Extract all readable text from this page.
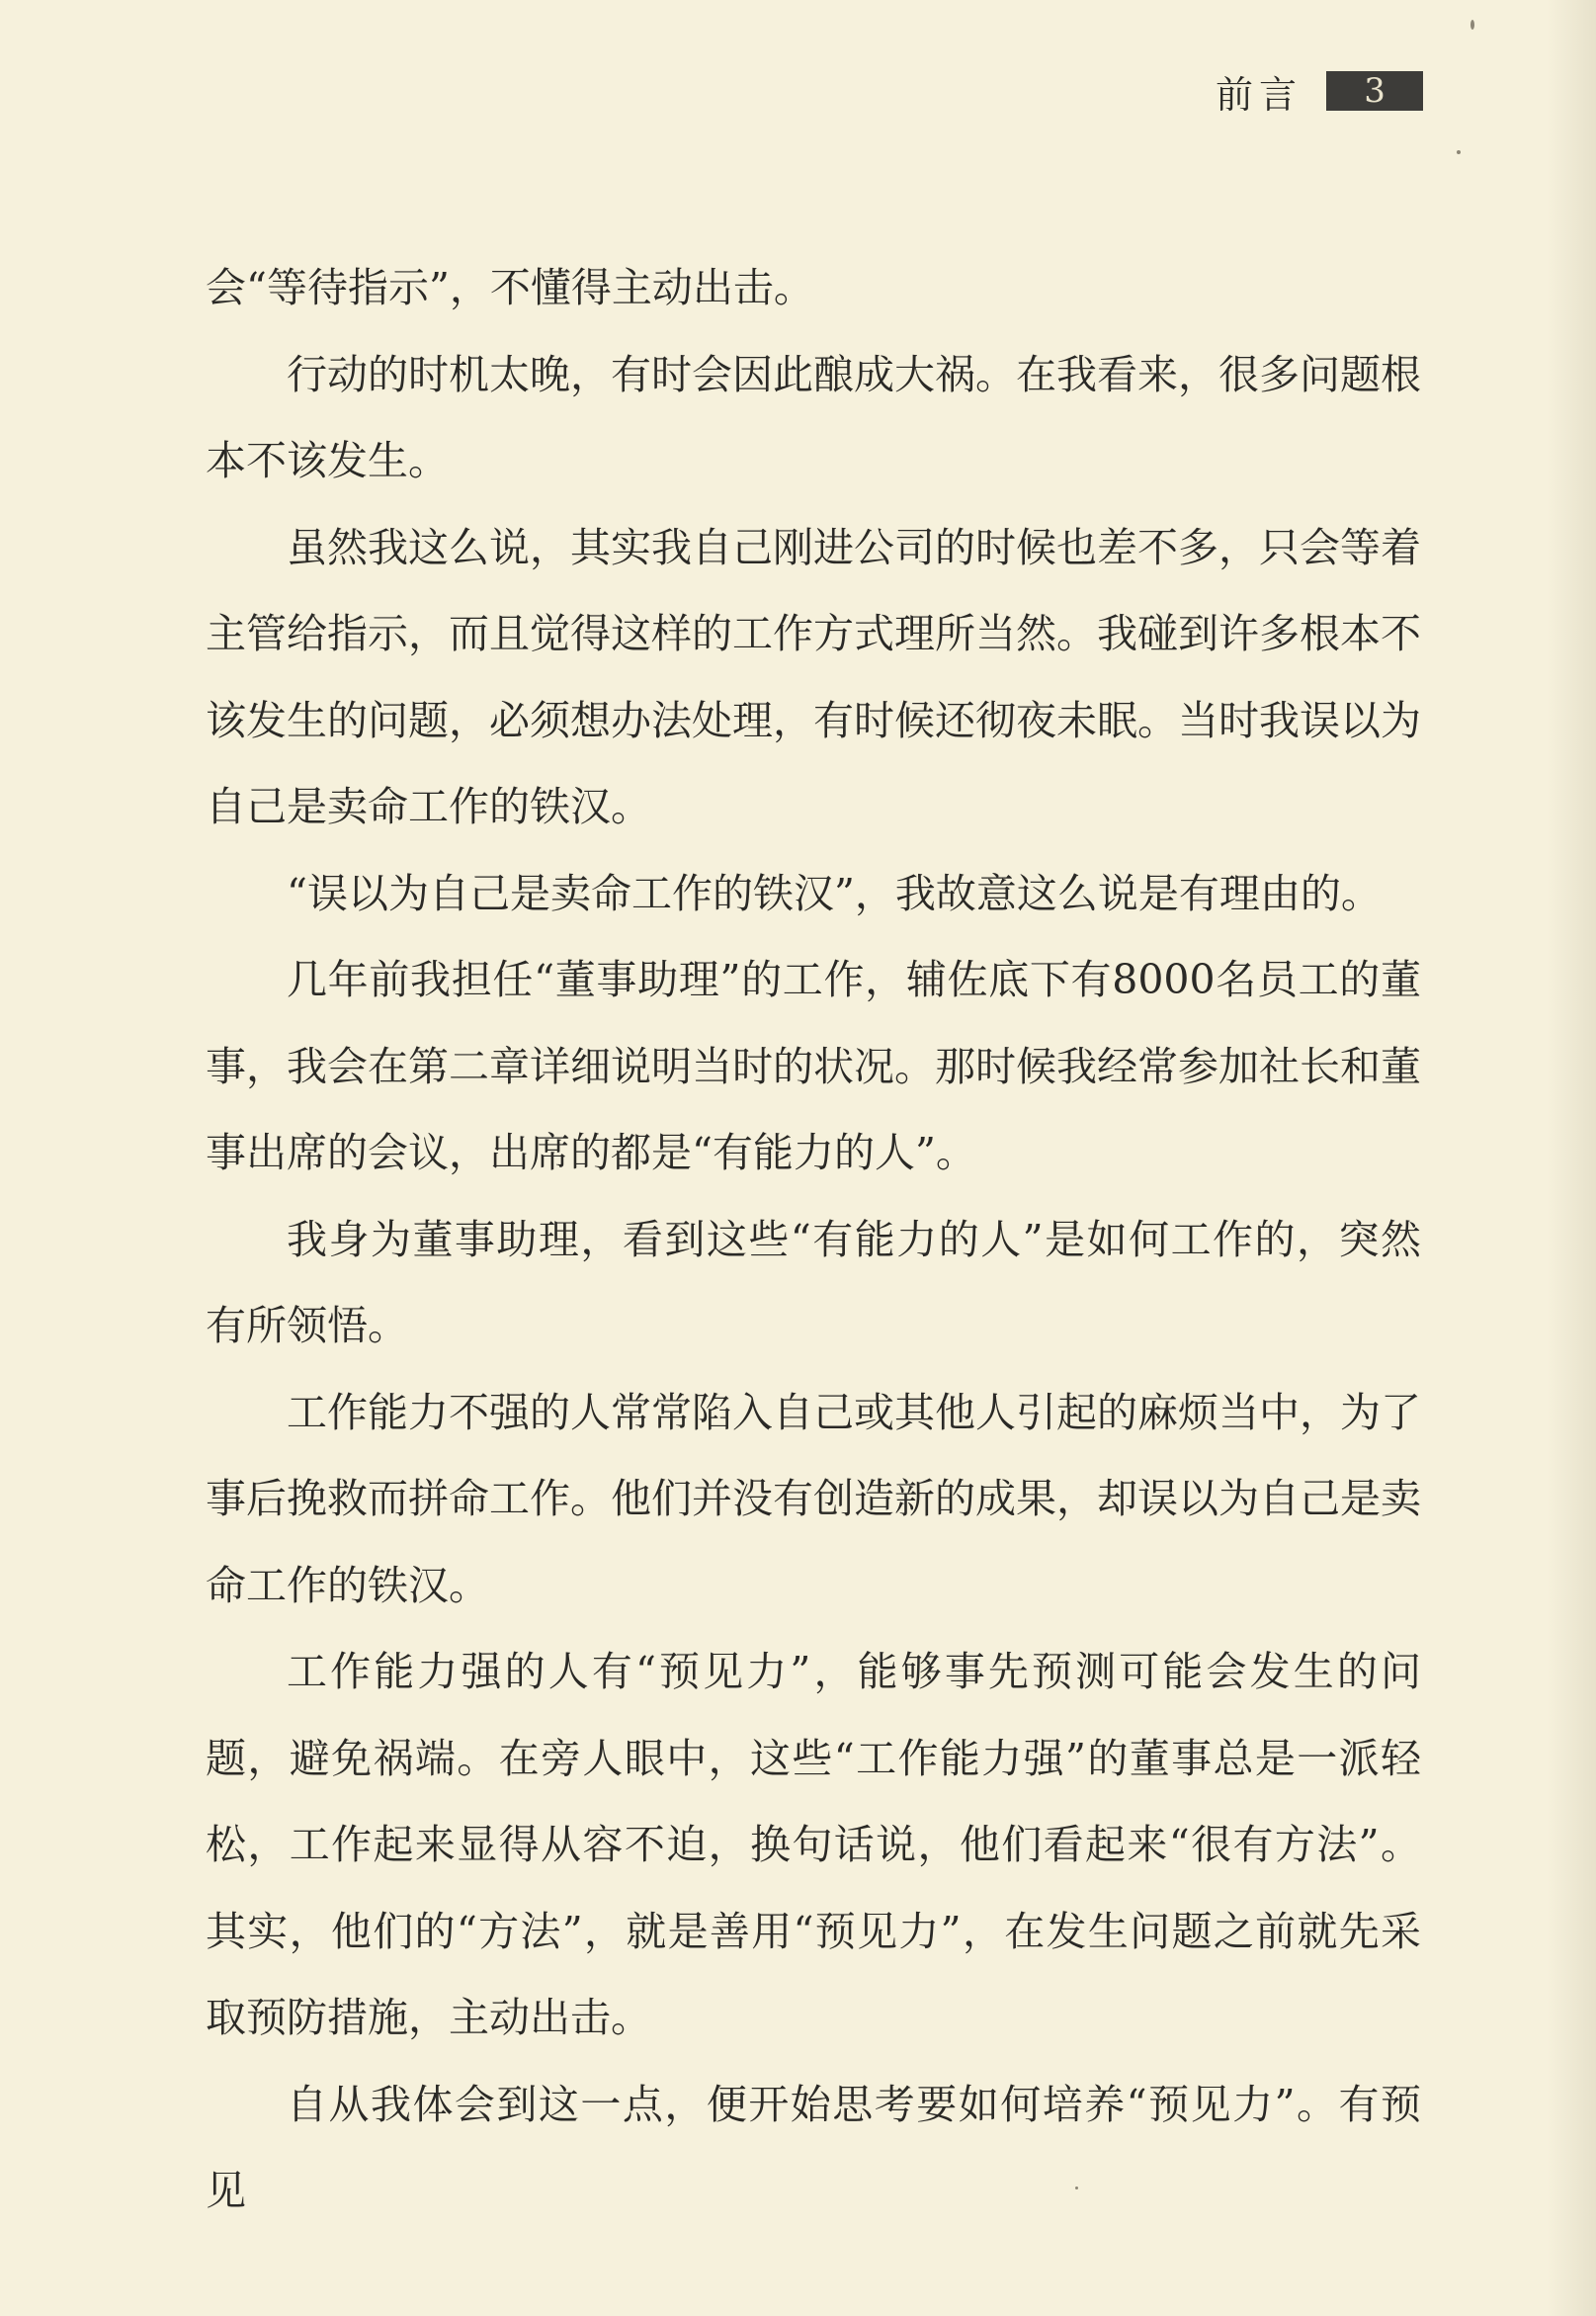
前言	3

会“等待指示”，不懂得主动出击。

行动的时机太晚，有时会因此酿成大祸。在我看来，很多问题根本不该发生。

虽然我这么说，其实我自己刚进公司的时候也差不多，只会等着主管给指示，而且觉得这样的工作方式理所当然。我碰到许多根本不该发生的问题，必须想办法处理，有时候还彻夜未眠。当时我误以为自己是卖命工作的铁汉。

“误以为自己是卖命工作的铁汉”，我故意这么说是有理由的。

几年前我担任“董事助理”的工作，辅佐底下有8000名员工的董事，我会在第二章详细说明当时的状况。那时候我经常参加社长和董事出席的会议，出席的都是“有能力的人”。

我身为董事助理，看到这些“有能力的人”是如何工作的，突然有所领悟。

工作能力不强的人常常陷入自己或其他人引起的麻烦当中，为了事后挽救而拼命工作。他们并没有创造新的成果，却误以为自己是卖命工作的铁汉。

工作能力强的人有“预见力”，能够事先预测可能会发生的问题，避免祸端。在旁人眼中，这些“工作能力强”的董事总是一派轻松，工作起来显得从容不迫，换句话说，他们看起来“很有方法”。其实，他们的“方法”，就是善用“预见力”，在发生问题之前就先采取预防措施，主动出击。

自从我体会到这一点，便开始思考要如何培养“预见力”。有预见
